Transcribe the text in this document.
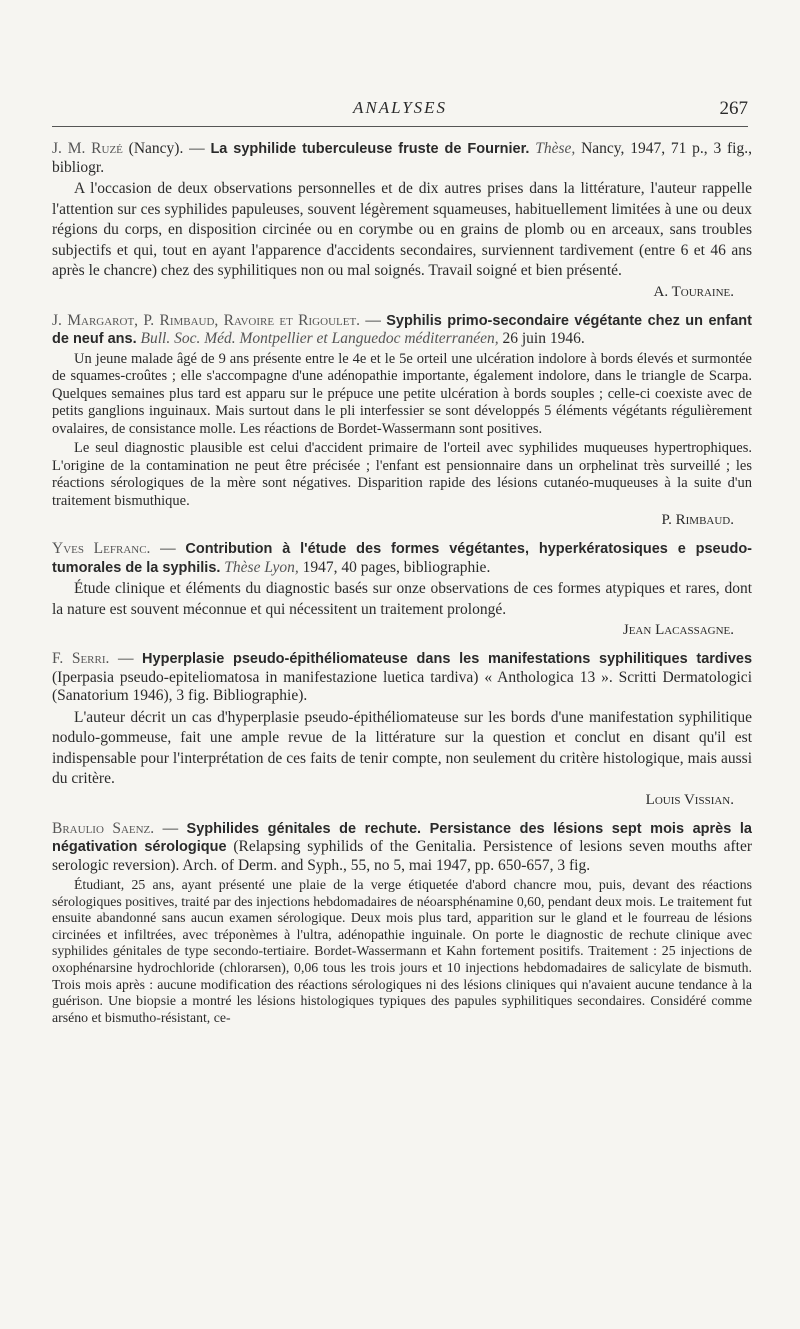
ANALYSES	267

J. M. Ruzé (Nancy). — La syphilide tuberculeuse fruste de Fournier. Thèse, Nancy, 1947, 71 p., 3 fig., bibliogr.

A l'occasion de deux observations personnelles et de dix autres prises dans la littérature, l'auteur rappelle l'attention sur ces syphilides papuleuses, souvent légèrement squameuses, habituellement limitées à une ou deux régions du corps, en disposition circinée ou en corymbe ou en grains de plomb ou en arceaux, sans troubles subjectifs et qui, tout en ayant l'apparence d'accidents secondaires, surviennent tardivement (entre 6 et 46 ans après le chancre) chez des syphilitiques non ou mal soignés. Travail soigné et bien présenté.

A. Touraine.

J. Margarot, P. Rimbaud, Ravoire et Rigoulet. — Syphilis primo-secondaire végétante chez un enfant de neuf ans. Bull. Soc. Méd. Montpellier et Languedoc méditerranéen, 26 juin 1946.

Un jeune malade âgé de 9 ans présente entre le 4e et le 5e orteil une ulcération indolore à bords élevés et surmontée de squames-croûtes ; elle s'accompagne d'une adénopathie importante, également indolore, dans le triangle de Scarpa. Quelques semaines plus tard est apparu sur le prépuce une petite ulcération à bords souples ; celle-ci coexiste avec de petits ganglions inguinaux. Mais surtout dans le pli interfessier se sont développés 5 éléments végétants régulièrement ovalaires, de consistance molle. Les réactions de Bordet-Wassermann sont positives.

Le seul diagnostic plausible est celui d'accident primaire de l'orteil avec syphilides muqueuses hypertrophiques. L'origine de la contamination ne peut être précisée ; l'enfant est pensionnaire dans un orphelinat très surveillé ; les réactions sérologiques de la mère sont négatives. Disparition rapide des lésions cutanéo-muqueuses à la suite d'un traitement bismuthique.

P. Rimbaud.

Yves Lefranc. — Contribution à l'étude des formes végétantes, hyperkératosiques e pseudo-tumorales de la syphilis. Thèse Lyon, 1947, 40 pages, bibliographie.

Étude clinique et éléments du diagnostic basés sur onze observations de ces formes atypiques et rares, dont la nature est souvent méconnue et qui nécessitent un traitement prolongé.

Jean Lacassagne.

F. Serri. — Hyperplasie pseudo-épithéliomateuse dans les manifestations syphilitiques tardives (Iperpasia pseudo-epiteliomatosa in manifestazione luetica tardiva) « Anthologica 13 ». Scritti Dermatologici (Sanatorium 1946), 3 fig. Bibliographie).

L'auteur décrit un cas d'hyperplasie pseudo-épithéliomateuse sur les bords d'une manifestation syphilitique nodulo-gommeuse, fait une ample revue de la littérature sur la question et conclut en disant qu'il est indispensable pour l'interprétation de ces faits de tenir compte, non seulement du critère histologique, mais aussi du critère.

Louis Vissian.

Braulio Saenz. — Syphilides génitales de rechute. Persistance des lésions sept mois après la négativation sérologique (Relapsing syphilids of the Genitalia. Persistence of lesions seven mouths after serologic reversion). Arch. of Derm. and Syph., 55, no 5, mai 1947, pp. 650-657, 3 fig.

Étudiant, 25 ans, ayant présenté une plaie de la verge étiquetée d'abord chancre mou, puis, devant des réactions sérologiques positives, traité par des injections hebdomadaires de néoarsphénamine 0,60, pendant deux mois. Le traitement fut ensuite abandonné sans aucun examen sérologique. Deux mois plus tard, apparition sur le gland et le fourreau de lésions circinées et infiltrées, avec tréponèmes à l'ultra, adénopathie inguinale. On porte le diagnostic de rechute clinique avec syphilides génitales de type secondo-tertiaire. Bordet-Wassermann et Kahn fortement positifs. Traitement : 25 injections de oxophénarsine hydrochloride (chlorarsen), 0,06 tous les trois jours et 10 injections hebdomadaires de salicylate de bismuth. Trois mois après : aucune modification des réactions sérologiques ni des lésions cliniques qui n'avaient aucune tendance à la guérison. Une biopsie a montré les lésions histologiques typiques des papules syphilitiques secondaires. Considéré comme arséno et bismutho-résistant, ce-
